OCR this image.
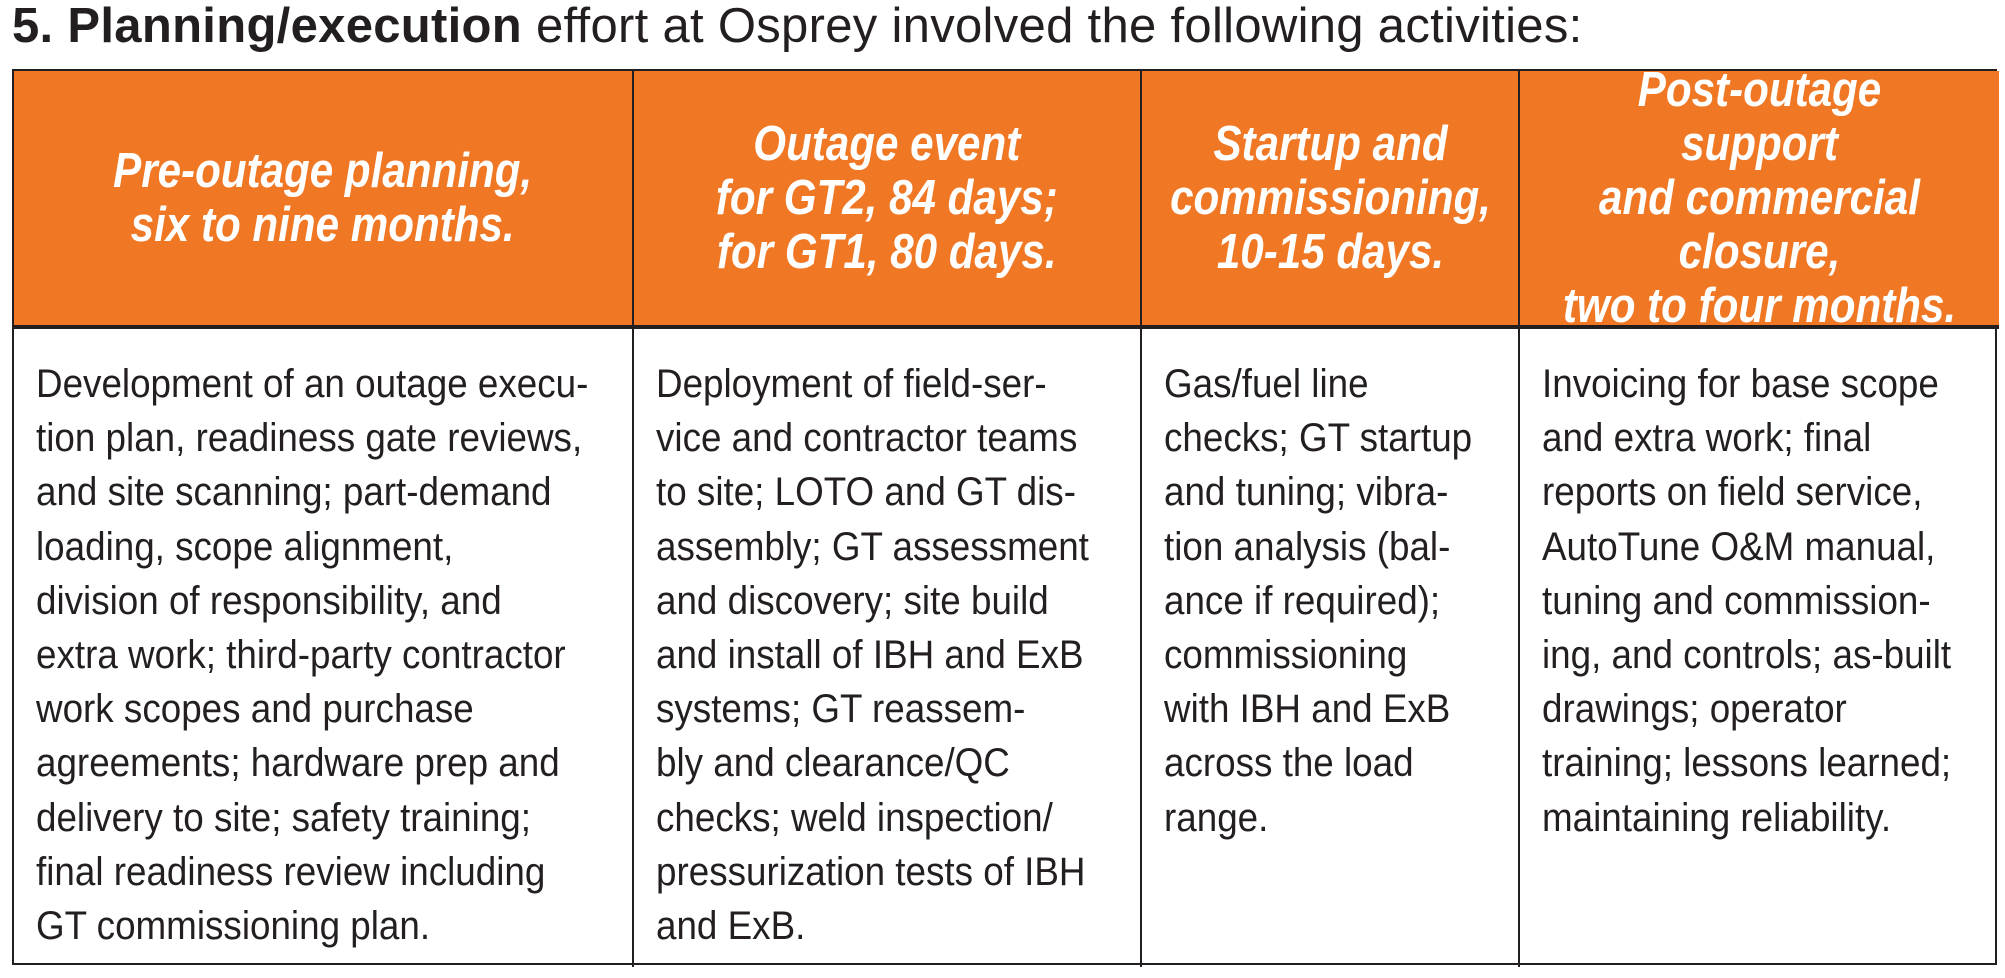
5. Planning/execution effort at Osprey involved the following activities:
Pre-outage planning,
six to nine months.
Outage event
for GT2, 84 days;
for GT1, 80 days.
Startup and
commissioning,
10-15 days.
Post-outage support
and commercial
closure,
two to four months.
Development of an outage execu-
tion plan, readiness gate reviews,
and site scanning; part-demand
loading, scope alignment,
division of responsibility, and
extra work; third-party contractor
work scopes and purchase
agreements; hardware prep and
delivery to site; safety training;
final readiness review including
GT commissioning plan.
Deployment of field-ser-
vice and contractor teams
to site; LOTO and GT dis-
assembly; GT assessment
and discovery; site build
and install of IBH and ExB
systems; GT reassem-
bly and clearance/QC
checks; weld inspection/
pressurization tests of IBH
and ExB.
Gas/fuel line
checks; GT startup
and tuning; vibra-
tion analysis (bal-
ance if required);
commissioning
with IBH and ExB
across the load
range.
Invoicing for base scope
and extra work; final
reports on field service,
AutoTune O&M manual,
tuning and commission-
ing, and controls; as-built
drawings; operator
training; lessons learned;
maintaining reliability.
